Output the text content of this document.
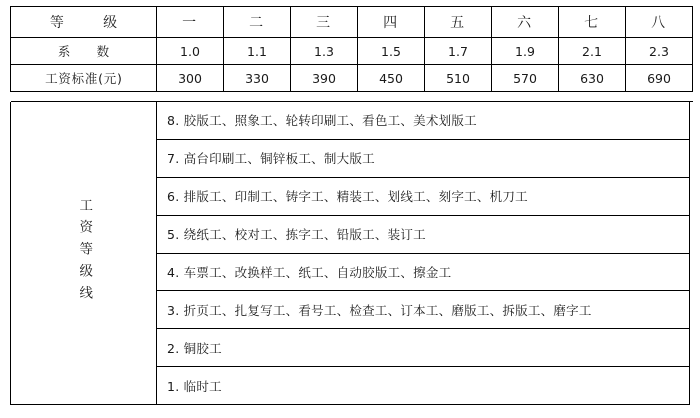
等　级	一	二	三	四	五	六	七	八
系　数	1.0	1.1	1.3	1.5	1.7	1.9	2.1	2.3
工资标准(元)	300	330	390	450	510	570	630	690

工资等级线
8. 胶版工、照象工、轮转印刷工、看色工、美术划版工
7. 高台印刷工、铜锌板工、制大版工
6. 排版工、印制工、铸字工、精装工、划线工、刻字工、机刀工
5. 绕纸工、校对工、拣字工、铅版工、装订工
4. 车票工、改换样工、纸工、自动胶版工、擦金工
3. 折页工、扎复写工、看号工、检查工、订本工、磨版工、拆版工、磨字工
2. 铜胶工
1. 临时工
